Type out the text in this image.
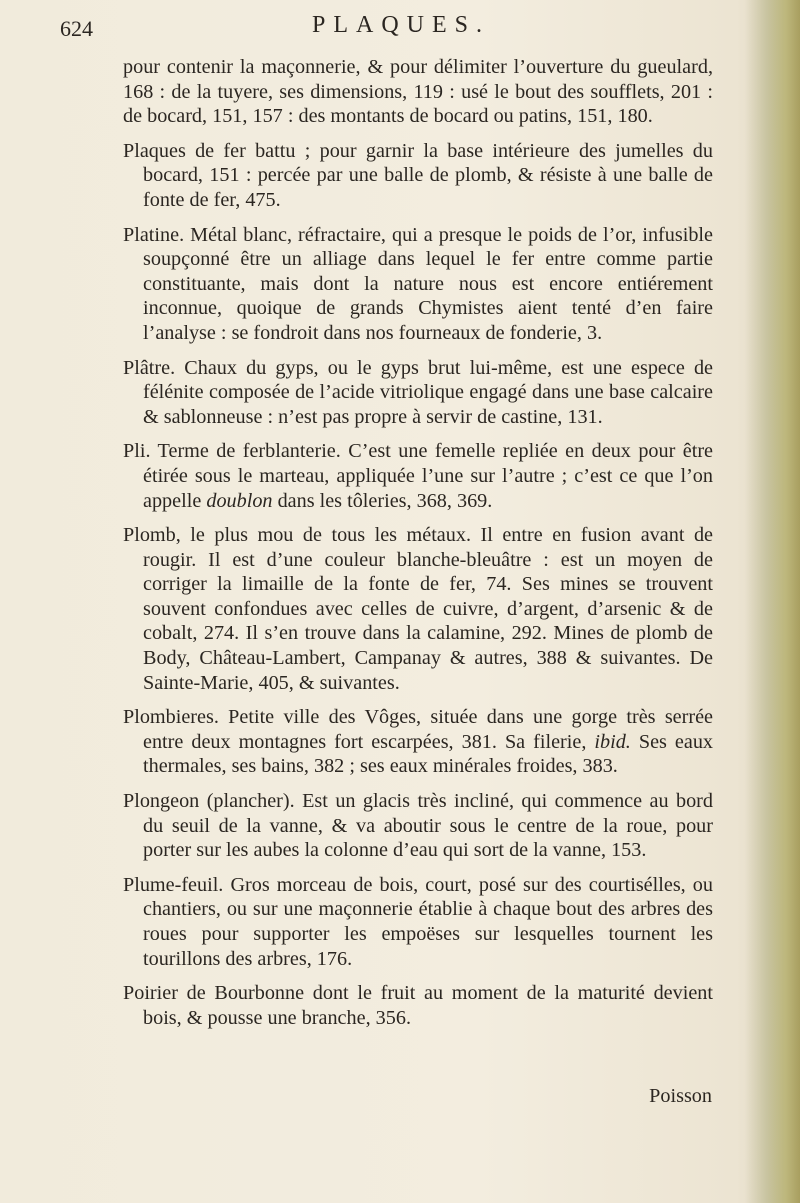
624	PLAQUES.

pour contenir la maçonnerie, & pour délimiter l’ouverture du gueulard, 168 : de la tuyere, ses dimensions, 119 : usé le bout des soufflets, 201 : de bocard, 151, 157 : des montants de bocard ou patins, 151, 180.

Plaques de fer battu ; pour garnir la base intérieure des jumelles du bocard, 151 : percée par une balle de plomb, & résiste à une balle de fonte de fer, 475.

Platine. Métal blanc, réfractaire, qui a presque le poids de l’or, infusible soupçonné être un alliage dans lequel le fer entre comme partie constituante, mais dont la nature nous est encore entiérement inconnue, quoique de grands Chymistes aient tenté d’en faire l’analyse : se fondroit dans nos fourneaux de fonderie, 3.

Plâtre. Chaux du gyps, ou le gyps brut lui-même, est une espece de félénite composée de l’acide vitriolique engagé dans une base calcaire & sablonneuse : n’est pas propre à servir de castine, 131.

Pli. Terme de ferblanterie. C’est une femelle repliée en deux pour être étirée sous le marteau, appliquée l’une sur l’autre ; c’est ce que l’on appelle doublon dans les tôleries, 368, 369.

Plomb, le plus mou de tous les métaux. Il entre en fusion avant de rougir. Il est d’une couleur blanche-bleuâtre : est un moyen de corriger la limaille de la fonte de fer, 74. Ses mines se trouvent souvent confondues avec celles de cuivre, d’argent, d’arsenic & de cobalt, 274. Il s’en trouve dans la calamine, 292. Mines de plomb de Body, Château-Lambert, Campanay & autres, 388 & suivantes. De Sainte-Marie, 405, & suivantes.

Plombieres. Petite ville des Vôges, située dans une gorge très serrée entre deux montagnes fort escarpées, 381. Sa filerie, ibid. Ses eaux thermales, ses bains, 382 ; ses eaux minérales froides, 383.

Plongeon (plancher). Est un glacis très incliné, qui commence au bord du seuil de la vanne, & va aboutir sous le centre de la roue, pour porter sur les aubes la colonne d’eau qui sort de la vanne, 153.

Plume-feuil. Gros morceau de bois, court, posé sur des courtisélles, ou chantiers, ou sur une maçonnerie établie à chaque bout des arbres des roues pour supporter les empoëses sur lesquelles tournent les tourillons des arbres, 176.

Poirier de Bourbonne dont le fruit au moment de la maturité devient bois, & pousse une branche, 356.

Poisson
